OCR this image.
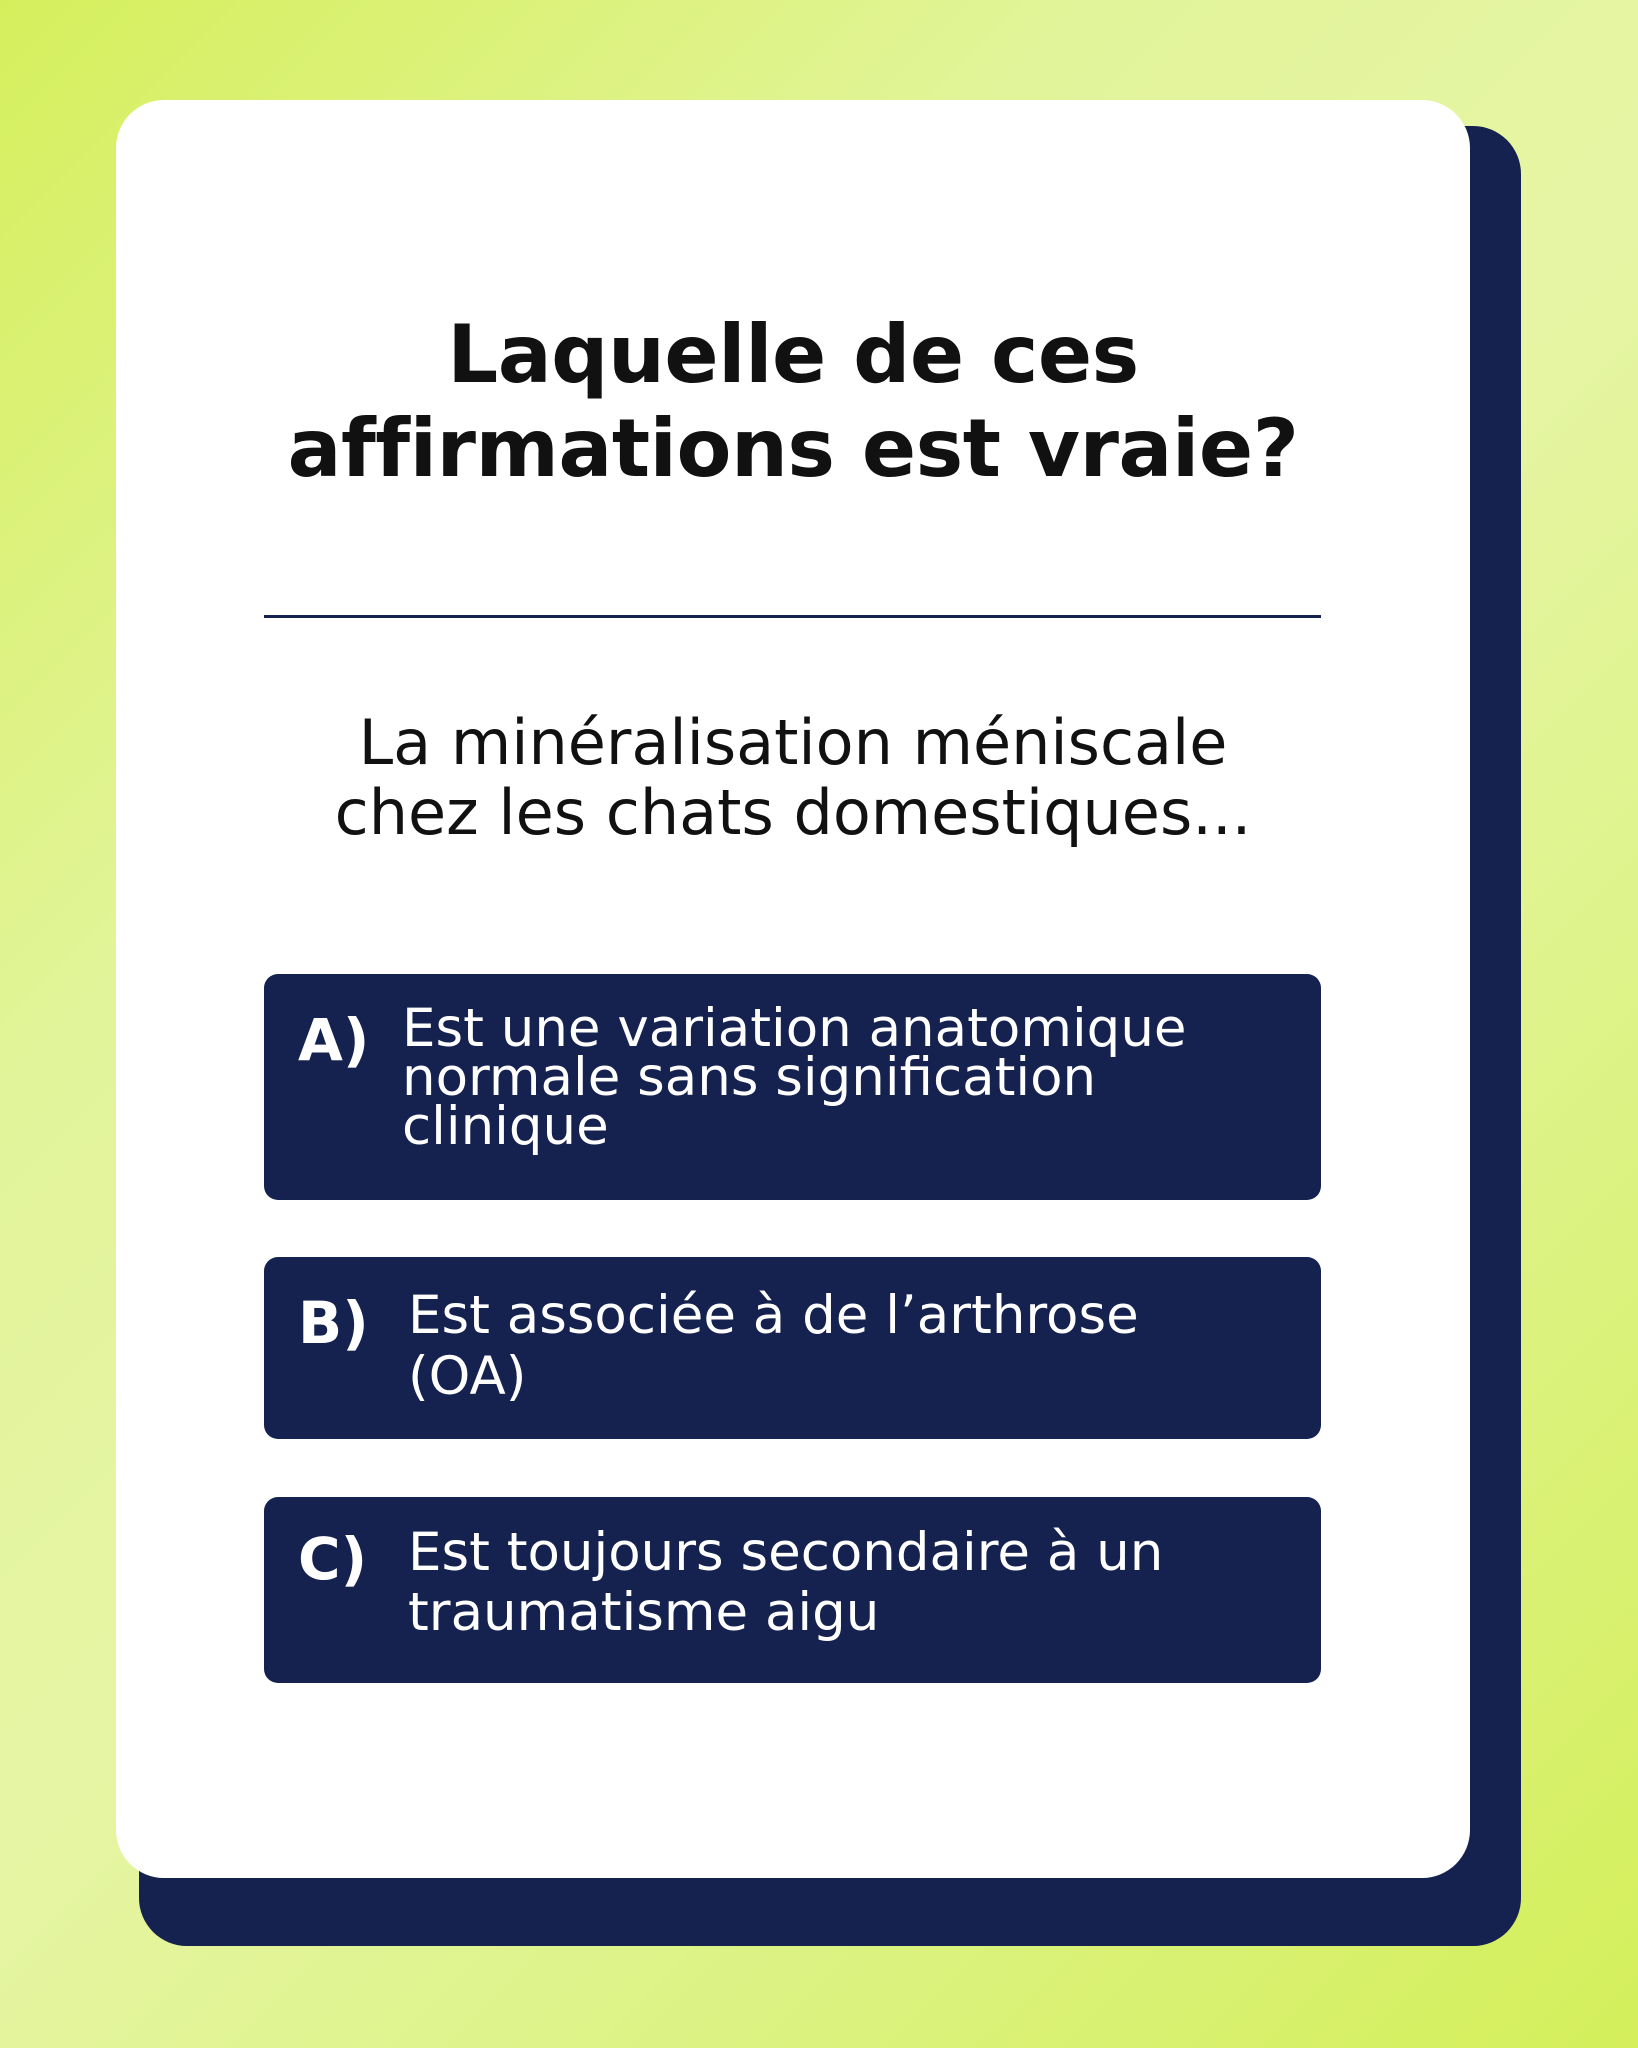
Laquelle de ces
affirmations est vraie?

La minéralisation méniscale
chez les chats domestiques...

A) Est une variation anatomique
normale sans signification
clinique
B) Est associée à de l’arthrose
(OA)
C) Est toujours secondaire à un
traumatisme aigu
